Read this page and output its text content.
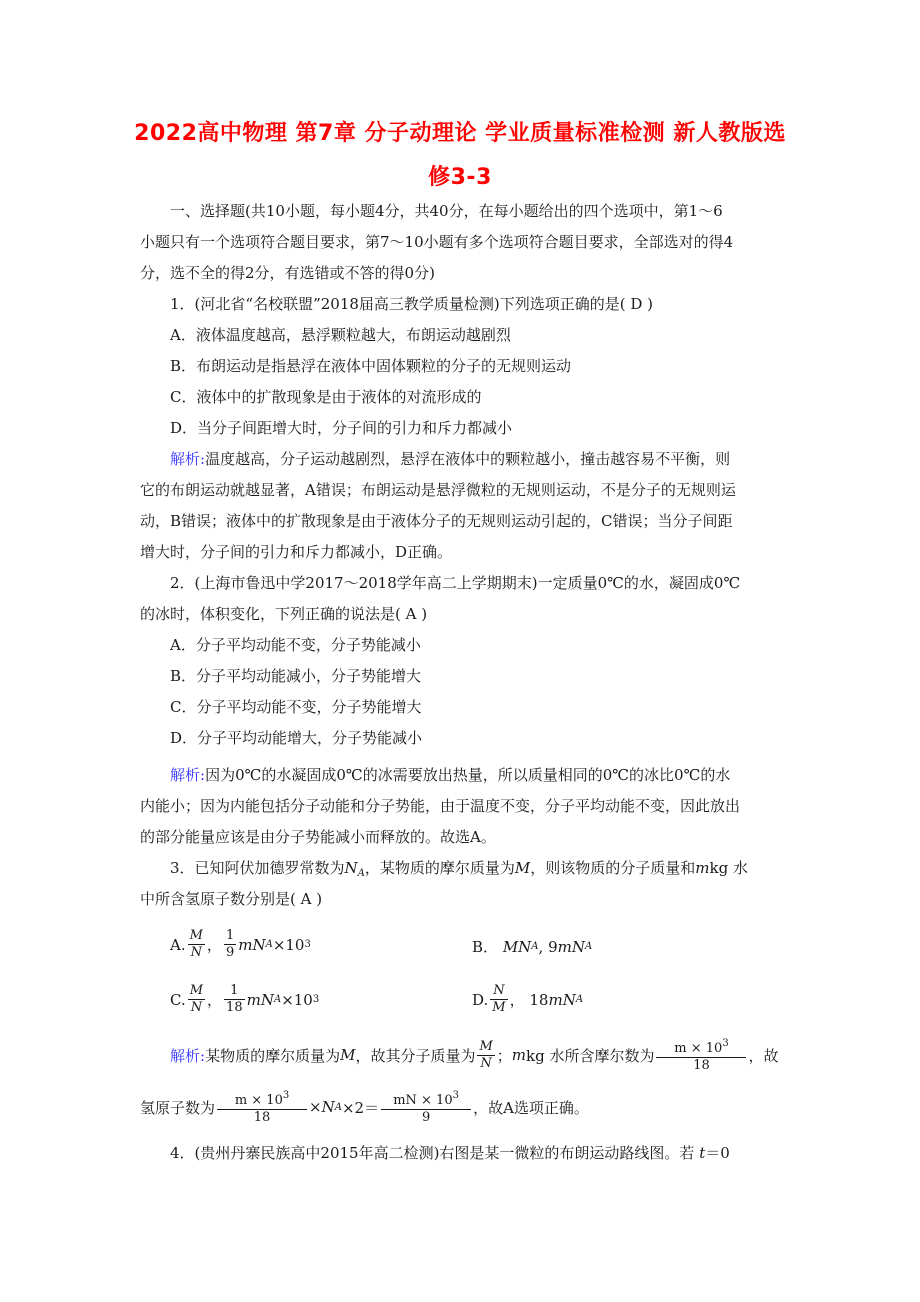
2022高中物理 第7章 分子动理论 学业质量标准检测 新人教版选
修3-3
一、选择题(共10小题，每小题4分，共40分，在每小题给出的四个选项中，第1～6
小题只有一个选项符合题目要求，第7～10小题有多个选项符合题目要求，全部选对的得4
分，选不全的得2分，有选错或不答的得0分)
1．(河北省“名校联盟”2018届高三教学质量检测)下列选项正确的是( D )
A．液体温度越高，悬浮颗粒越大，布朗运动越剧烈
B．布朗运动是指悬浮在液体中固体颗粒的分子的无规则运动
C．液体中的扩散现象是由于液体的对流形成的
D．当分子间距增大时，分子间的引力和斥力都减小
解析:温度越高，分子运动越剧烈，悬浮在液体中的颗粒越小，撞击越容易不平衡，则
它的布朗运动就越显著，A错误；布朗运动是悬浮微粒的无规则运动，不是分子的无规则运
动，B错误；液体中的扩散现象是由于液体分子的无规则运动引起的，C错误；当分子间距
增大时，分子间的引力和斥力都减小，D正确。
2．(上海市鲁迅中学2017～2018学年高二上学期期末)一定质量0℃的水，凝固成0℃
的冰时，体积变化，下列正确的说法是( A )
A．分子平均动能不变，分子势能减小
B．分子平均动能减小，分子势能增大
C．分子平均动能不变，分子势能增大
D．分子平均动能增大，分子势能减小
解析:因为0℃的水凝固成0℃的冰需要放出热量，所以质量相同的0℃的冰比0℃的水
内能小；因为内能包括分子动能和分子势能，由于温度不变，分子平均动能不变，因此放出
的部分能量应该是由分子势能减小而释放的。故选A。
3．已知阿伏加德罗常数为$N_A$，某物质的摩尔质量为M，则该物质的分子质量和mkg 水
中所含氢原子数分别是( A )
A. $\frac{M}{N}$ ， $\frac{1}{9}$ m N A ×10 3	B．
MN A , 9 mN A
C. $\frac{M}{N}$ ， $\frac{1}{18}$ m N A ×10 3	D. $\frac{N}{M}$ ，
18 mN A
解析: 某物质的摩尔质量为 M ，故其分子质量为 $\frac{M}{N}$ ； m kg 水所含摩尔数为 $\frac{m \times 10^3}{18}$ ，故
氢原子数为 $\frac{m \times 10^3}{18} \times N$ $A \times 2= \frac{mN \times 10^3}{9}$ ，故A选项正确。
4．(贵州丹寨民族高中2015年高二检测)右图是某一微粒的布朗运动路线图。若 t＝0
